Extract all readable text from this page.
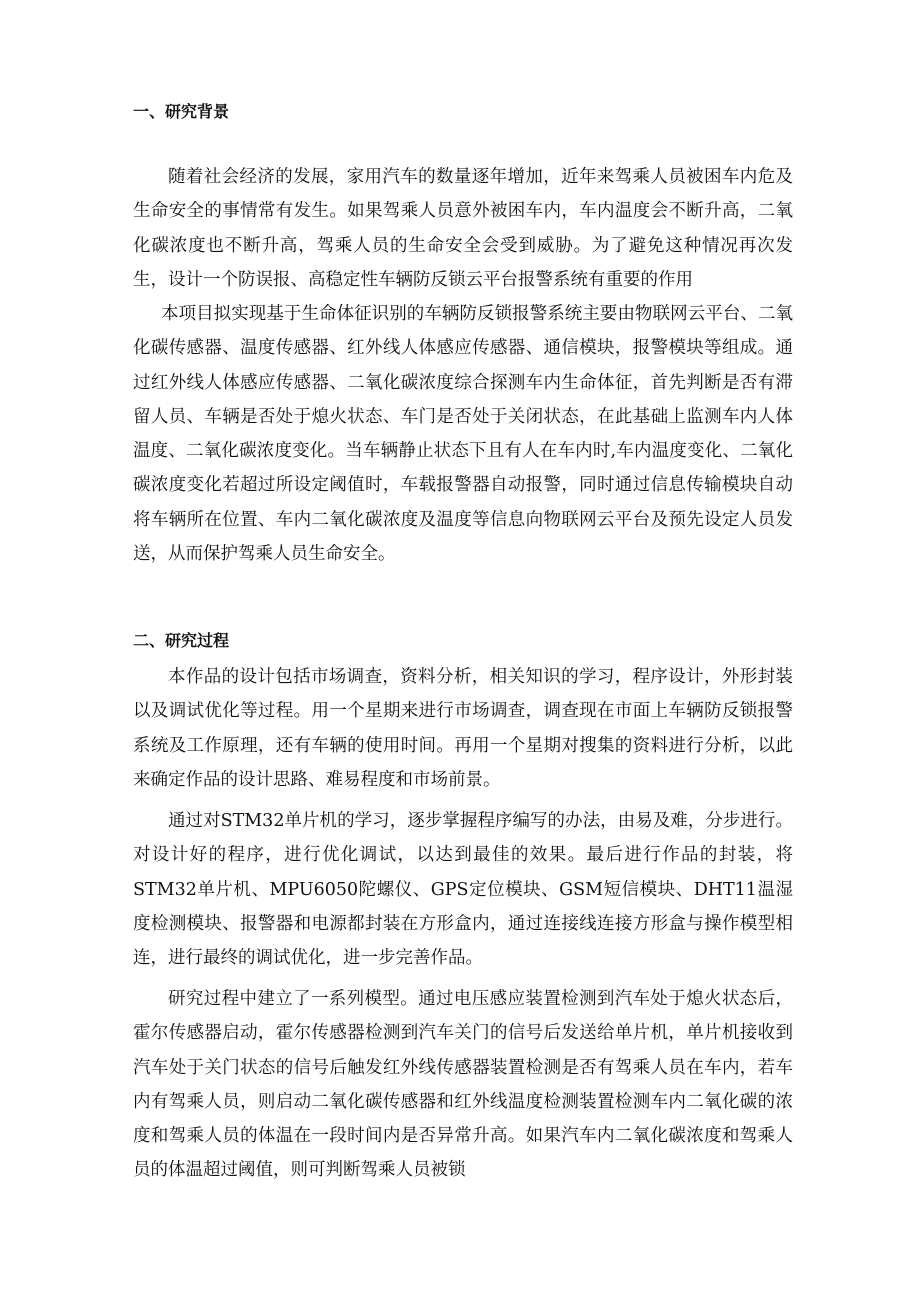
一、研究背景
随着社会经济的发展，家用汽车的数量逐年增加，近年来驾乘人员被困车内危及生命安全的事情常有发生。如果驾乘人员意外被困车内，车内温度会不断升高，二氧化碳浓度也不断升高，驾乘人员的生命安全会受到威胁。为了避免这种情况再次发生，设计一个防误报、高稳定性车辆防反锁云平台报警系统有重要的作用
本项目拟实现基于生命体征识别的车辆防反锁报警系统主要由物联网云平台、二氧化碳传感器、温度传感器、红外线人体感应传感器、通信模块，报警模块等组成。通过红外线人体感应传感器、二氧化碳浓度综合探测车内生命体征，首先判断是否有滞留人员、车辆是否处于熄火状态、车门是否处于关闭状态，在此基础上监测车内人体温度、二氧化碳浓度变化。当车辆静止状态下且有人在车内时,车内温度变化、二氧化碳浓度变化若超过所设定阈值时，车载报警器自动报警，同时通过信息传输模块自动将车辆所在位置、车内二氧化碳浓度及温度等信息向物联网云平台及预先设定人员发送，从而保护驾乘人员生命安全。
二、研究过程
本作品的设计包括市场调查，资料分析，相关知识的学习，程序设计，外形封装以及调试优化等过程。用一个星期来进行市场调查，调查现在市面上车辆防反锁报警系统及工作原理，还有车辆的使用时间。再用一个星期对搜集的资料进行分析，以此来确定作品的设计思路、难易程度和市场前景。
通过对STM32单片机的学习，逐步掌握程序编写的办法，由易及难，分步进行。对设计好的程序，进行优化调试，以达到最佳的效果。最后进行作品的封装，将STM32单片机、MPU6050陀螺仪、GPS定位模块、GSM短信模块、DHT11温湿度检测模块、报警器和电源都封装在方形盒内，通过连接线连接方形盒与操作模型相连，进行最终的调试优化，进一步完善作品。
研究过程中建立了一系列模型。通过电压感应装置检测到汽车处于熄火状态后，霍尔传感器启动，霍尔传感器检测到汽车关门的信号后发送给单片机，单片机接收到汽车处于关门状态的信号后触发红外线传感器装置检测是否有驾乘人员在车内，若车内有驾乘人员，则启动二氧化碳传感器和红外线温度检测装置检测车内二氧化碳的浓度和驾乘人员的体温在一段时间内是否异常升高。如果汽车内二氧化碳浓度和驾乘人员的体温超过阈值，则可判断驾乘人员被锁
